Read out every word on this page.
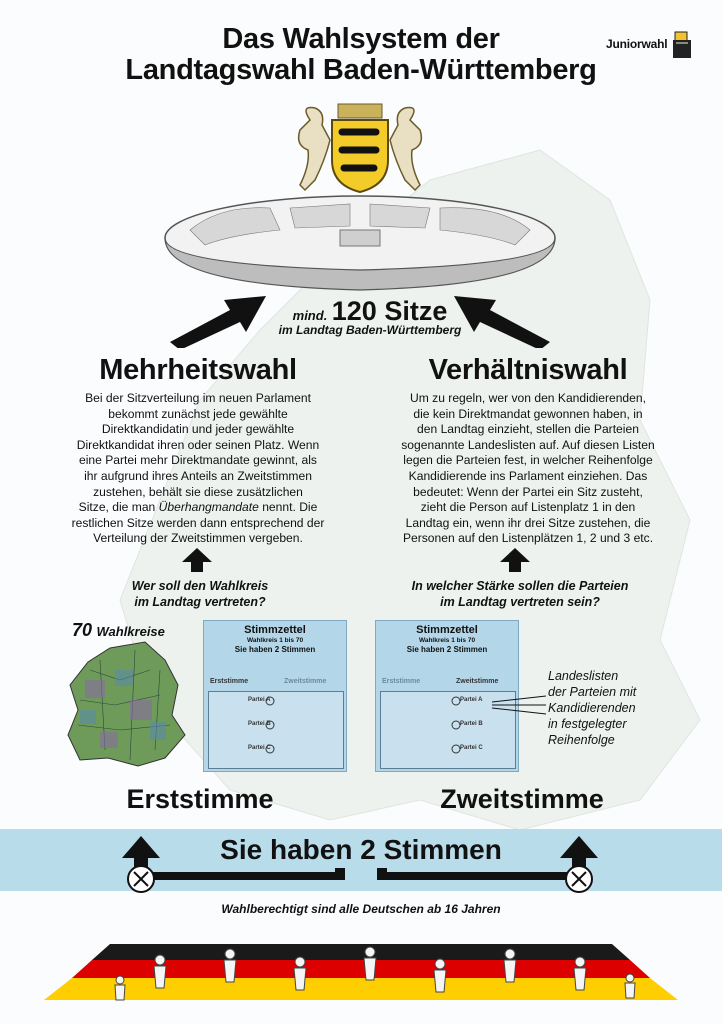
Das Wahlsystem der
Landtagswahl Baden-Württemberg
Juniorwahl
mind. 120 Sitze
im Landtag Baden-Württemberg
Mehrheitswahl
Bei der Sitzverteilung im neuen Parlament
bekommt zunächst jede gewählte
Direktkandidatin und jeder gewählte
Direktkandidat ihren oder seinen Platz. Wenn
eine Partei mehr Direktmandate gewinnt, als
ihr aufgrund ihres Anteils an Zweitstimmen
zustehen, behält sie diese zusätzlichen
Sitze, die man Überhangmandate nennt. Die
restlichen Sitze werden dann entsprechend der
Verteilung der Zweitstimmen vergeben.
Verhältniswahl
Um zu regeln, wer von den Kandidierenden,
die kein Direktmandat gewonnen haben, in
den Landtag einzieht, stellen die Parteien
sogenannte Landeslisten auf. Auf diesen Listen
legen die Parteien fest, in welcher Reihenfolge
Kandidierende ins Parlament einziehen. Das
bedeutet: Wenn der Partei ein Sitz zusteht,
zieht die Person auf Listenplatz 1 in den
Landtag ein, wenn ihr drei Sitze zustehen, die
Personen auf den Listenplätzen 1, 2 und 3 etc.
Wer soll den Wahlkreis
im Landtag vertreten?
In welcher Stärke sollen die Parteien
im Landtag vertreten sein?
70 Wahlkreise	Stimmzettel
Wahlkreis 1 bis 70
Sie haben 2 Stimmen
Erststimme	Zweitstimme
Partei A
Partei B
Partei C
Stimmzettel
Wahlkreis 1 bis 70
Sie haben 2 Stimmen
Erststimme	Zweitstimme
Partei A
Partei B
Partei C
Landeslisten
der Parteien mit
Kandidierenden
in festgelegter
Reihenfolge
Erststimme	Zweitstimme
Sie haben 2 Stimmen
Wahlberechtigt sind alle Deutschen ab 16 Jahren
